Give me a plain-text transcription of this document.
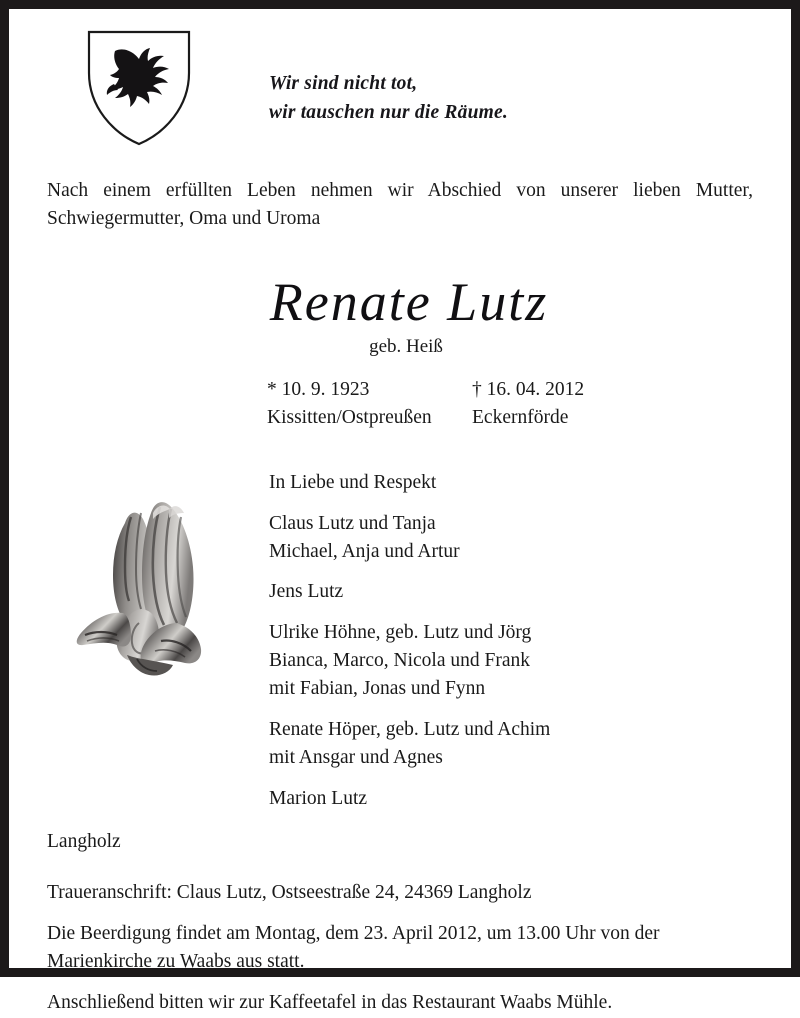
Wir sind nicht tot,
wir tauschen nur die Räume.
Nach einem erfüllten Leben nehmen wir Abschied von unserer lieben Mutter,
Schwiegermutter, Oma und Uroma
Renate Lutz
geb. Heiß
* 10. 9. 1923
Kissitten/Ostpreußen
† 16. 04. 2012
Eckernförde
In Liebe und Respekt
Claus Lutz und Tanja
Michael, Anja und Artur
Jens Lutz
Ulrike Höhne, geb. Lutz und Jörg
Bianca, Marco, Nicola und Frank
mit Fabian, Jonas und Fynn
Renate Höper, geb. Lutz und Achim
mit Ansgar und Agnes
Marion Lutz
Langholz

Traueranschrift: Claus Lutz, Ostseestraße 24, 24369 Langholz

Die Beerdigung findet am Montag, dem 23. April 2012, um 13.00 Uhr von der Marienkirche zu Waabs aus statt.

Anschließend bitten wir zur Kaffeetafel in das Restaurant Waabs Mühle.
